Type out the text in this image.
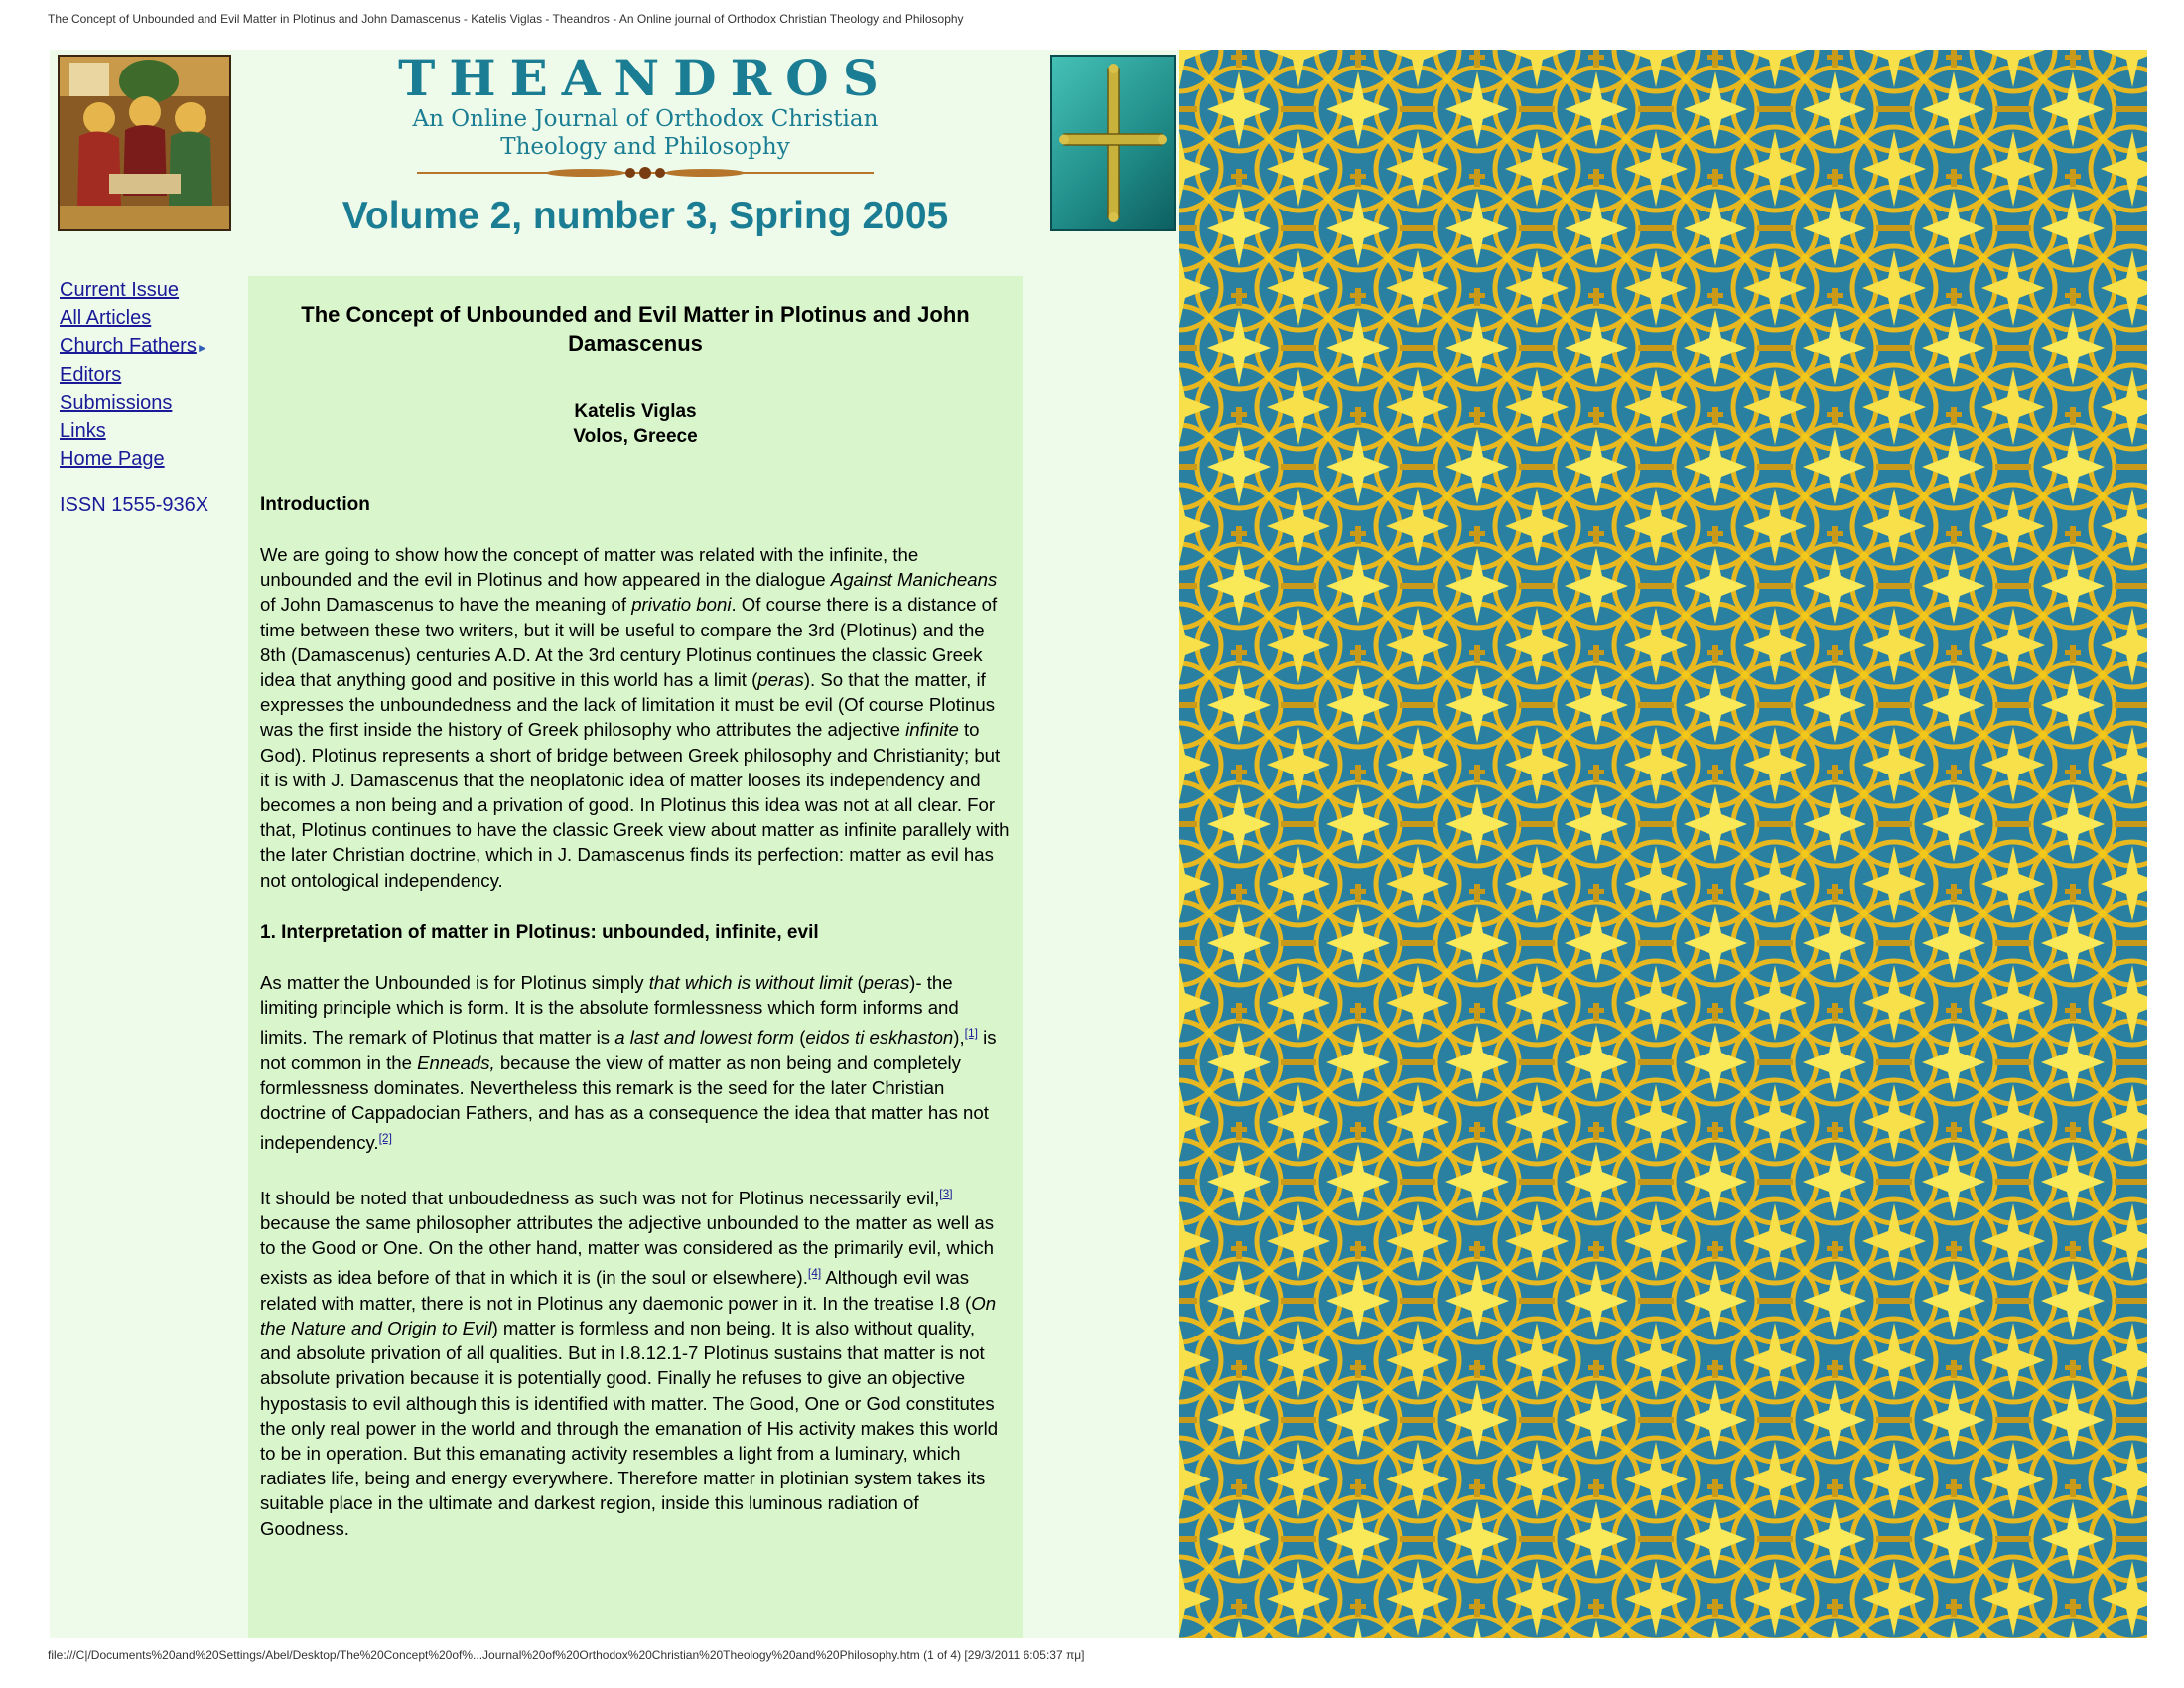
The Concept of Unbounded and Evil Matter in Plotinus and John Damascenus - Katelis Viglas - Theandros - An Online journal of Orthodox Christian Theology and Philosophy
THEANDROS
An Online Journal of Orthodox Christian
Theology and Philosophy
Volume 2, number 3, Spring 2005
Current Issue
All Articles
Church Fathers►
Editors
Submissions
Links
Home Page
ISSN 1555-936X
The Concept of Unbounded and Evil Matter in Plotinus and John Damascenus
Katelis Viglas
Volos, Greece

Introduction

We are going to show how the concept of matter was related with the infinite, the unbounded and the evil in Plotinus and how appeared in the dialogue Against Manicheans of John Damascenus to have the meaning of privatio boni. Of course there is a distance of time between these two writers, but it will be useful to compare the 3rd (Plotinus) and the 8th (Damascenus) centuries A.D. At the 3rd century Plotinus continues the classic Greek idea that anything good and positive in this world has a limit (peras). So that the matter, if expresses the unboundedness and the lack of limitation it must be evil (Of course Plotinus was the first inside the history of Greek philosophy who attributes the adjective infinite to God). Plotinus represents a short of bridge between Greek philosophy and Christianity; but it is with J. Damascenus that the neoplatonic idea of matter looses its independency and becomes a non being and a privation of good. In Plotinus this idea was not at all clear. For that, Plotinus continues to have the classic Greek view about matter as infinite parallely with the later Christian doctrine, which in J. Damascenus finds its perfection: matter as evil has not ontological independency.

1. Interpretation of matter in Plotinus: unbounded, infinite, evil

As matter the Unbounded is for Plotinus simply that which is without limit (peras)- the limiting principle which is form. It is the absolute formlessness which form informs and limits. The remark of Plotinus that matter is a last and lowest form (eidos ti eskhaston),[1] is not common in the Enneads, because the view of matter as non being and completely formlessness dominates. Nevertheless this remark is the seed for the later Christian doctrine of Cappadocian Fathers, and has as a consequence the idea that matter has not independency.[2]

It should be noted that unboudedness as such was not for Plotinus necessarily evil,[3] because the same philosopher attributes the adjective unbounded to the matter as well as to the Good or One. On the other hand, matter was considered as the primarily evil, which exists as idea before of that in which it is (in the soul or elsewhere).[4] Although evil was related with matter, there is not in Plotinus any daemonic power in it. In the treatise I.8 (On the Nature and Origin to Evil) matter is formless and non being. It is also without quality, and absolute privation of all qualities. But in I.8.12.1-7 Plotinus sustains that matter is not absolute privation because it is potentially good. Finally he refuses to give an objective hypostasis to evil although this is identified with matter. The Good, One or God constitutes the only real power in the world and through the emanation of His activity makes this world to be in operation. But this emanating activity resembles a light from a luminary, which radiates life, being and energy everywhere. Therefore matter in plotinian system takes its suitable place in the ultimate and darkest region, inside this luminous radiation of Goodness.

file:///C|/Documents%20and%20Settings/Abel/Desktop/The%20Concept%20of%...Journal%20of%20Orthodox%20Christian%20Theology%20and%20Philosophy.htm (1 of 4) [29/3/2011 6:05:37 πμ]
